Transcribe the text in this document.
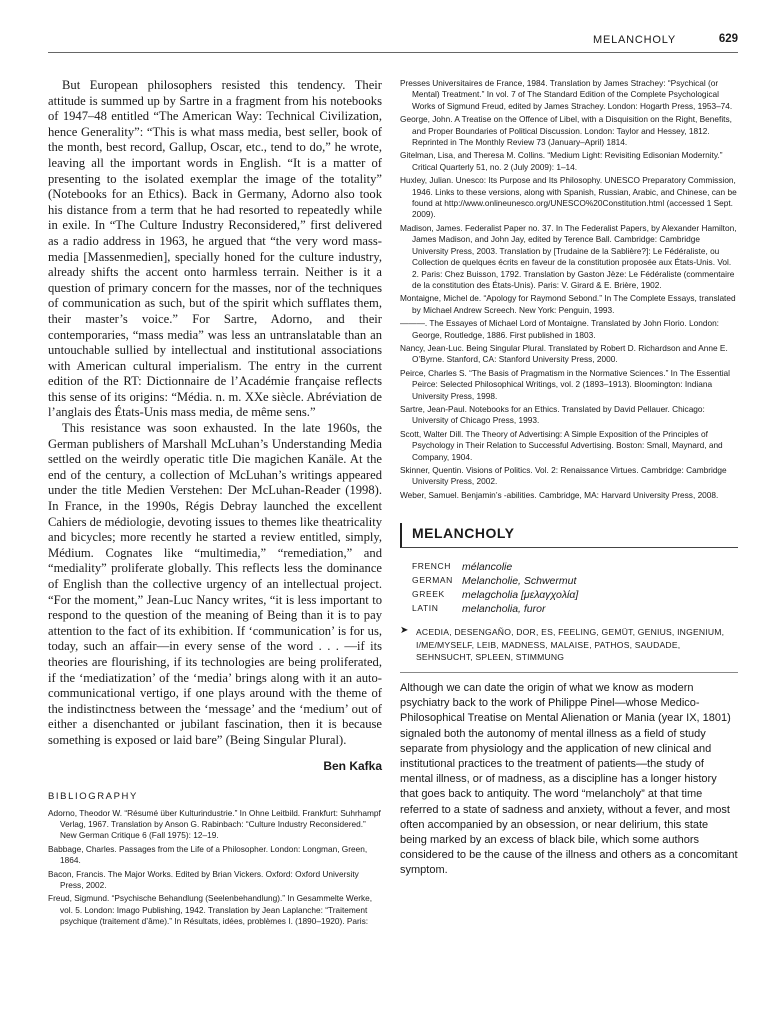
MELANCHOLY	629

But European philosophers resisted this tendency. Their attitude is summed up by Sartre in a fragment from his notebooks of 1947–48 entitled “The American Way: Technical Civilization, hence Generality”: “This is what mass media, best seller, book of the month, best record, Gallup, Oscar, etc., tend to do,” he wrote, leaving all the important words in English. “It is a matter of presenting to the isolated exemplar the image of the totality” (Notebooks for an Ethics). Back in Germany, Adorno also took his distance from a term that he had resorted to repeatedly while in exile. In “The Culture Industry Reconsidered,” first delivered as a radio address in 1963, he argued that “the very word mass-media [Massenmedien], specially honed for the culture industry, already shifts the accent onto harmless terrain. Neither is it a question of primary concern for the masses, nor of the techniques of communication as such, but of the spirit which sufflates them, their master’s voice.” For Sartre, Adorno, and their contemporaries, “mass media” was less an untranslatable than an untouchable sullied by intellectual and institutional associations with American cultural imperialism. The entry in the current edition of the RT: Dictionnaire de l’Académie française reflects this sense of its origins: “Média. n. m. XXe siècle. Abréviation de l’anglais des États-Unis mass media, de même sens.”

This resistance was soon exhausted. In the late 1960s, the German publishers of Marshall McLuhan’s Understanding Media settled on the weirdly operatic title Die magichen Kanäle. At the end of the century, a collection of McLuhan’s writings appeared under the title Medien Verstehen: Der McLuhan-Reader (1998). In France, in the 1990s, Régis Debray launched the excellent Cahiers de médiologie, devoting issues to themes like theatricality and bicycles; more recently he started a review entitled, simply, Médium. Cognates like “multimedia,” “remediation,” and “mediality” proliferate globally. This reflects less the dominance of English than the collective urgency of an intellectual project. “For the moment,” Jean-Luc Nancy writes, “it is less important to respond to the question of the meaning of Being than it is to pay attention to the fact of its exhibition. If ‘communication’ is for us, today, such an affair—in every sense of the word . . . —if its theories are flourishing, if its technologies are being proliferated, if the ‘mediatization’ of the ‘media’ brings along with it an auto-communicational vertigo, if one plays around with the theme of the indistinctness between the ‘message’ and the ‘medium’ out of either a disenchanted or jubilant fascination, then it is because something is exposed or laid bare” (Being Singular Plural).

Ben Kafka

BIBLIOGRAPHY

Adorno, Theodor W. “Résumé über Kulturindustrie.” In Ohne Leitbild. Frankfurt: Suhrhampf Verlag, 1967. Translation by Anson G. Rabinbach: “Culture Industry Reconsidered.” New German Critique 6 (Fall 1975): 12–19.

Babbage, Charles. Passages from the Life of a Philosopher. London: Longman, Green, 1864.

Bacon, Francis. The Major Works. Edited by Brian Vickers. Oxford: Oxford University Press, 2002.

Freud, Sigmund. “Psychische Behandlung (Seelenbehandlung).” In Gesammelte Werke, vol. 5. London: Imago Publishing, 1942. Translation by Jean Laplanche: “Traitement psychique (traitement d’âme).” In Résultats, idées, problèmes I. (1890–1920). Paris:

Presses Universitaires de France, 1984. Translation by James Strachey: “Psychical (or Mental) Treatment.” In vol. 7 of The Standard Edition of the Complete Psychological Works of Sigmund Freud, edited by James Strachey. London: Hogarth Press, 1953–74.

George, John. A Treatise on the Offence of Libel, with a Disquisition on the Right, Benefits, and Proper Boundaries of Political Discussion. London: Taylor and Hessey, 1812. Reprinted in The Monthly Review 73 (January–April) 1814.

Gitelman, Lisa, and Theresa M. Collins. “Medium Light: Revisiting Edisonian Modernity.” Critical Quarterly 51, no. 2 (July 2009): 1–14.

Huxley, Julian. Unesco: Its Purpose and Its Philosophy. UNESCO Preparatory Commission, 1946. Links to these versions, along with Spanish, Russian, Arabic, and Chinese, can be found at http://www.onlineunesco.org/UNESCO%20Constitution.html (accessed 1 Sept. 2009).

Madison, James. Federalist Paper no. 37. In The Federalist Papers, by Alexander Hamilton, James Madison, and John Jay, edited by Terence Ball. Cambridge: Cambridge University Press, 2003. Translation by [Trudaine de la Sablière?]: Le Fédéraliste, ou Collection de quelques écrits en faveur de la constitution proposée aux États-Unis. Vol. 2. Paris: Chez Buisson, 1792. Translation by Gaston Jèze: Le Fédéraliste (commentaire de la constitution des États-Unis). Paris: V. Girard & E. Brière, 1902.

Montaigne, Michel de. “Apology for Raymond Sebond.” In The Complete Essays, translated by Michael Andrew Screech. New York: Penguin, 1993.

———. The Essayes of Michael Lord of Montaigne. Translated by John Florio. London: George, Routledge, 1886. First published in 1803.

Nancy, Jean-Luc. Being Singular Plural. Translated by Robert D. Richardson and Anne E. O’Byrne. Stanford, CA: Stanford University Press, 2000.

Peirce, Charles S. “The Basis of Pragmatism in the Normative Sciences.” In The Essential Peirce: Selected Philosophical Writings, vol. 2 (1893–1913). Bloomington: Indiana University Press, 1998.

Sartre, Jean-Paul. Notebooks for an Ethics. Translated by David Pellauer. Chicago: University of Chicago Press, 1993.

Scott, Walter Dill. The Theory of Advertising: A Simple Exposition of the Principles of Psychology in Their Relation to Successful Advertising. Boston: Small, Maynard, and Company, 1904.

Skinner, Quentin. Visions of Politics. Vol. 2: Renaissance Virtues. Cambridge: Cambridge University Press, 2002.

Weber, Samuel. Benjamin’s -abilities. Cambridge, MA: Harvard University Press, 2008.

MELANCHOLY
FRENCH	mélancolie
GERMAN	Melancholie, Schwermut
GREEK	melagcholia [μελαγχολία]
LATIN	melancholia, furor
➤ ACEDIA, DESENGAÑO, DOR, ES, FEELING, GEMÜT, GENIUS, INGENIUM, I/ME/MYSELF, LEIB, MADNESS, MALAISE, PATHOS, SAUDADE, SEHNSUCHT, SPLEEN, STIMMUNG

Although we can date the origin of what we know as modern psychiatry back to the work of Philippe Pinel—whose Medico-Philosophical Treatise on Mental Alienation or Mania (year IX, 1801) signaled both the autonomy of mental illness as a field of study separate from physiology and the application of new clinical and institutional practices to the treatment of patients—the study of mental illness, or of madness, as a discipline has a longer history that goes back to antiquity. The word “melancholy” at that time referred to a state of sadness and anxiety, without a fever, and most often accompanied by an obsession, or near delirium, this state being marked by an excess of black bile, which some authors considered to be the cause of the illness and others as a concomitant symptom.
